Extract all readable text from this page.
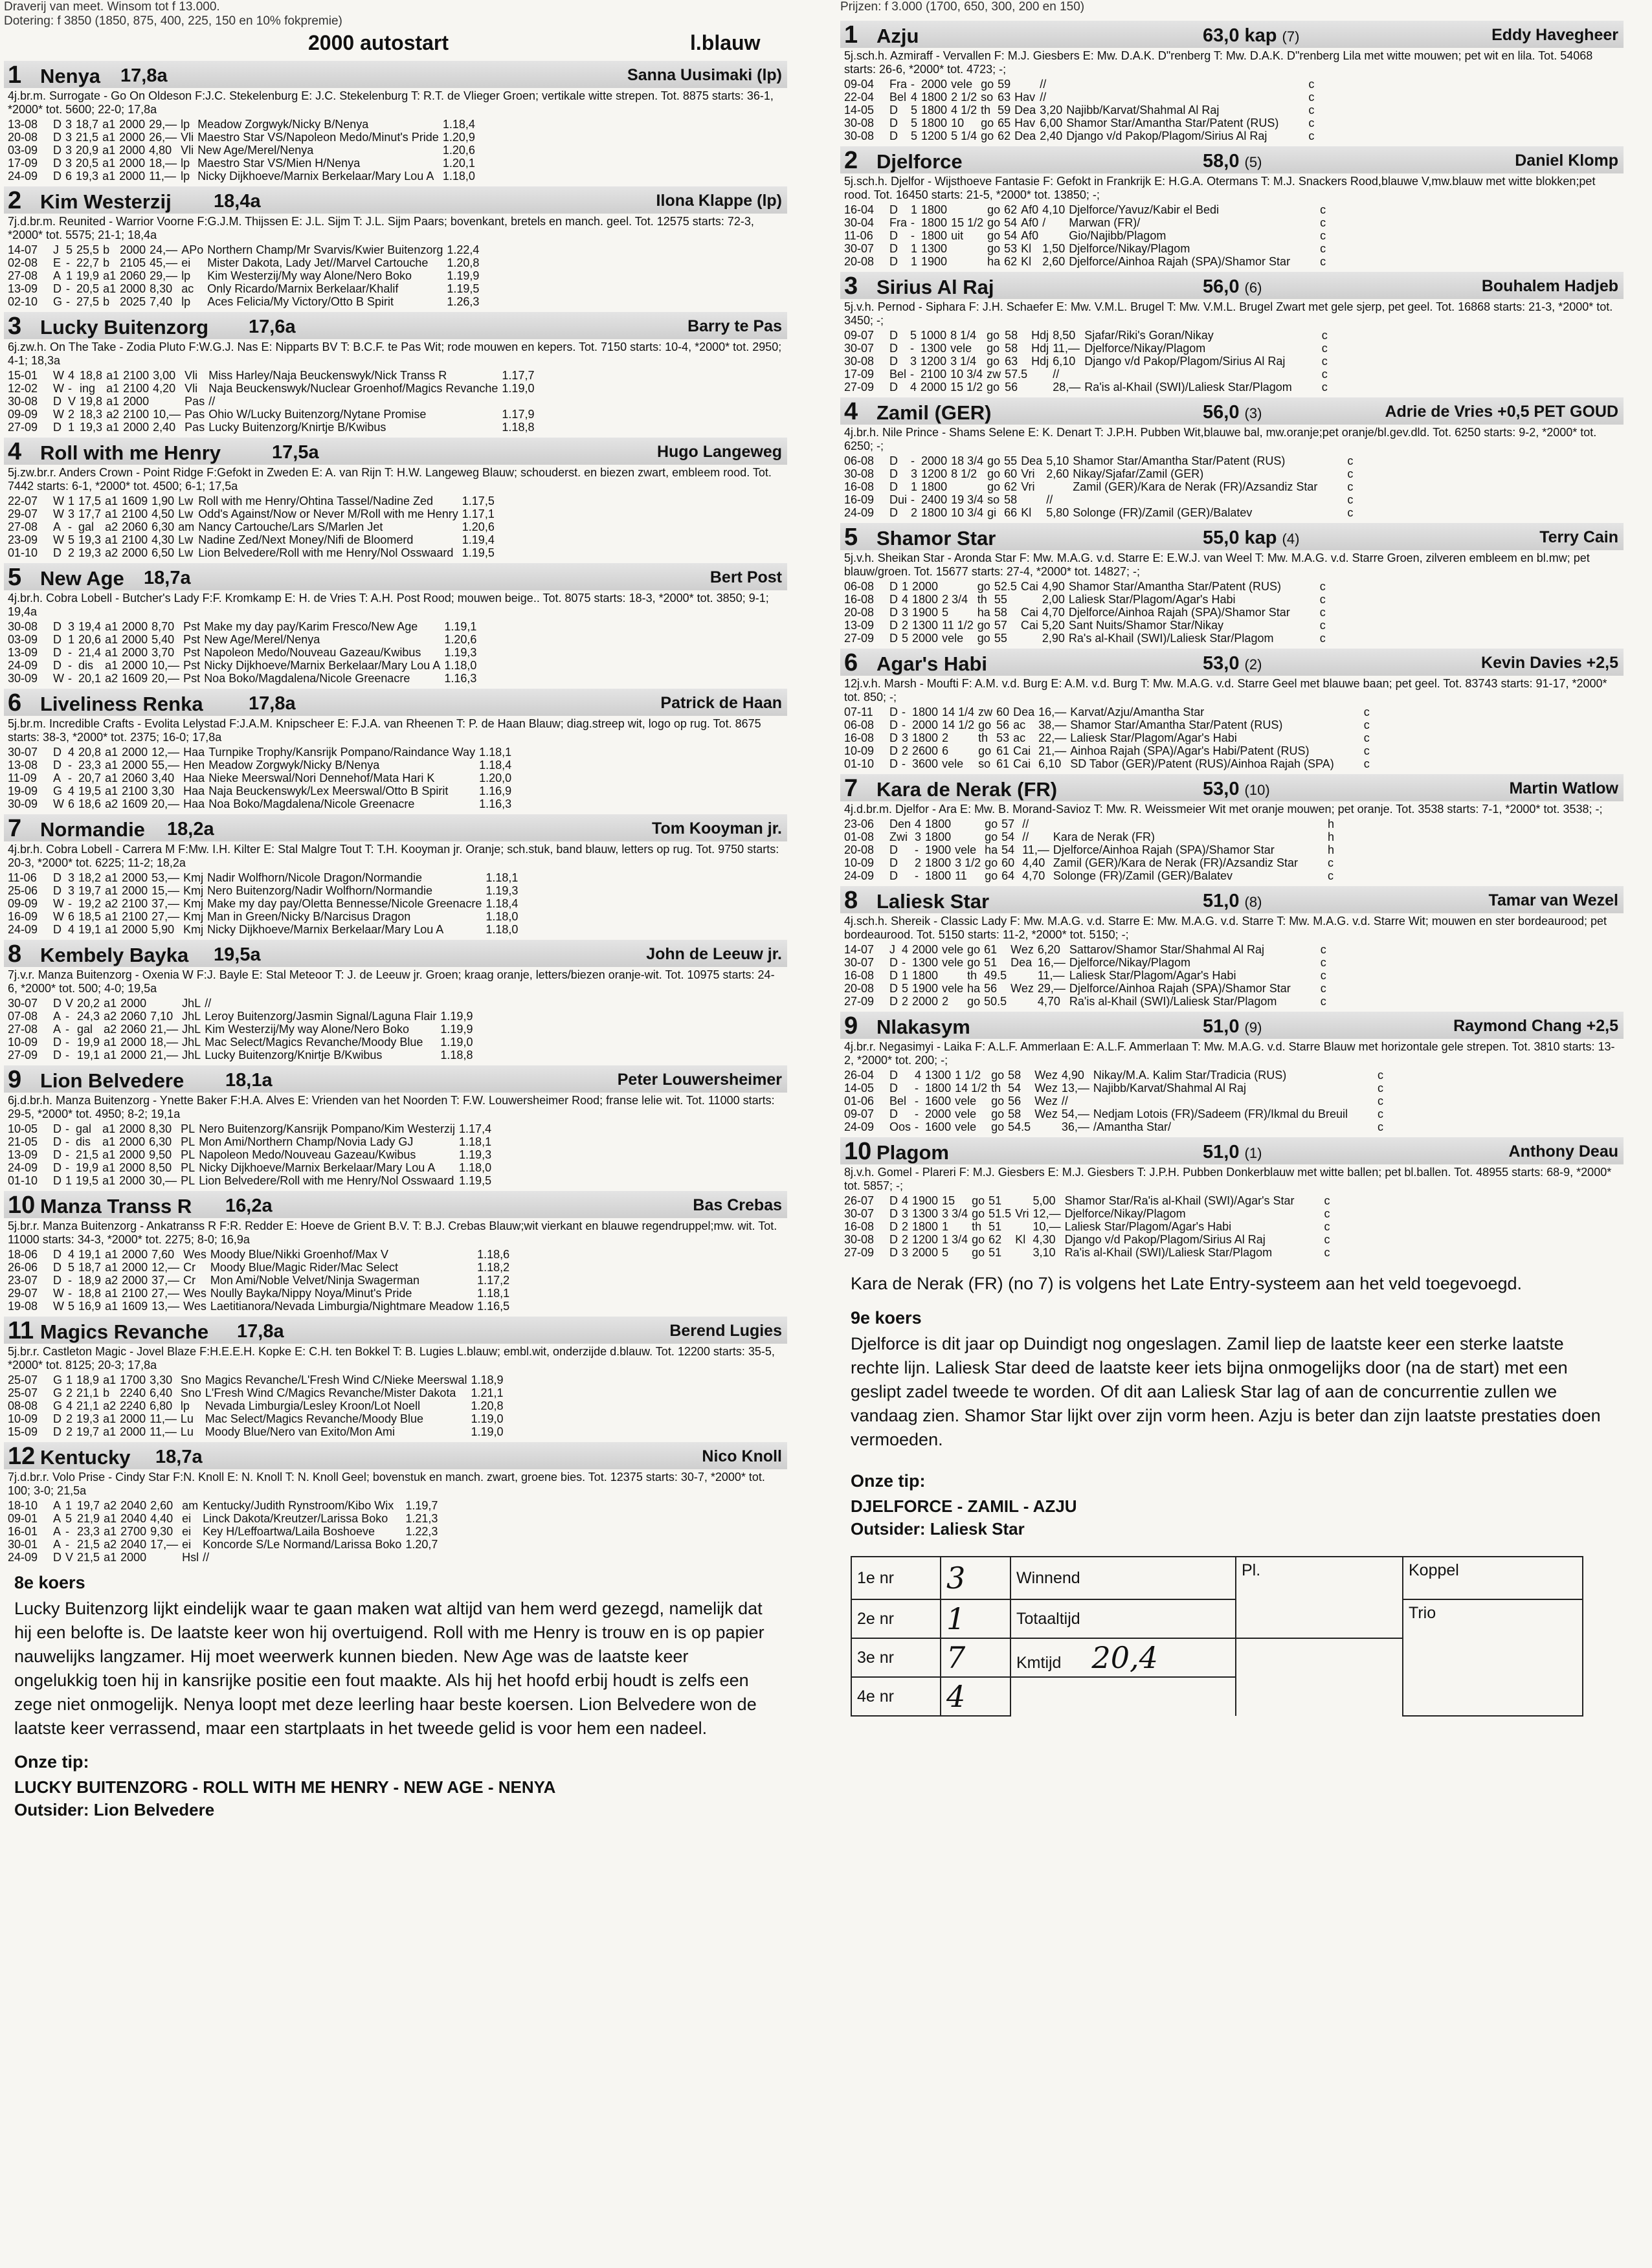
Draverij van meet. Winsom tot f 13.000.
Dotering: f 3850 (1850, 875, 400, 225, 150 en 10% fokpremie)
2000 autostart	l.blauw
1 Nenya 17,8a	Sanna Uusimaki (lp)
4j.br.m. Surrogate - Go On Oldeson F:J.C. Stekelenburg E: J.C. Stekelenburg T: R.T. de Vlieger Groen; vertikale witte strepen. Tot. 8875 starts: 36-1, *2000* tot. 5600; 22-0; 17,8a
13-08	D	3	18,7	a1	2000	29,—	lp	Meadow Zorgwyk/Nicky B/Nenya	1.18,4	
20-08	D	3	21,5	a1	2000	26,—	Vli	Maestro Star VS/Napoleon Medo/Minut's Pride	1.20,9	
03-09	D	3	20,9	a1	2000	4,80	Vli	New Age/Merel/Nenya	1.20,6	
17-09	D	3	20,5	a1	2000	18,—	lp	Maestro Star VS/Mien H/Nenya	1.20,1	
24-09	D	6	19,3	a1	2000	11,—	lp	Nicky Dijkhoeve/Marnix Berkelaar/Mary Lou A	1.18,0	
2 Kim Westerzij 18,4a	Ilona Klappe (lp)
7j.d.br.m. Reunited - Warrior Voorne F:G.J.M. Thijssen E: J.L. Sijm T: J.L. Sijm Paars; bovenkant, bretels en manch. geel. Tot. 12575 starts: 72-3, *2000* tot. 5575; 21-1; 18,4a
14-07	J	5	25,5	b	2000	24,—	APo	Northern Champ/Mr Svarvis/Kwier Buitenzorg	1.22,4	
02-08	E	-	22,7	b	2105	45,—	ei	Mister Dakota, Lady Jet//Marvel Cartouche	1.20,8	
27-08	A	1	19,9	a1	2060	29,—	lp	Kim Westerzij/My way Alone/Nero Boko	1.19,9	
13-09	D	-	20,5	a1	2000	8,30	ac	Only Ricardo/Marnix Berkelaar/Khalif	1.19,5	
02-10	G	-	27,5	b	2025	7,40	lp	Aces Felicia/My Victory/Otto B Spirit	1.26,3	
3 Lucky Buitenzorg 17,6a	Barry te Pas
6j.zw.h. On The Take - Zodia Pluto F:W.G.J. Nas E: Nipparts BV T: B.C.F. te Pas Wit; rode mouwen en kepers. Tot. 7150 starts: 10-4, *2000* tot. 2950; 4-1; 18,3a
15-01	W	4	18,8	a1	2100	3,00	Vli	Miss Harley/Naja Beuckenswyk/Nick Transs R	1.17,7	
12-02	W	-	ing	a1	2100	4,20	Vli	Naja Beuckenswyk/Nuclear Groenhof/Magics Revanche	1.19,0	
30-08	D	V	19,8	a1	2000		Pas	//		
09-09	W	2	18,3	a2	2100	10,—	Pas	Ohio W/Lucky Buitenzorg/Nytane Promise	1.17,9	
27-09	D	1	19,3	a1	2000	2,40	Pas	Lucky Buitenzorg/Knirtje B/Kwibus	1.18,8	
4 Roll with me Henry	17,5a	Hugo Langeweg
5j.zw.br.r. Anders Crown - Point Ridge F:Gefokt in Zweden E: A. van Rijn T: H.W. Langeweg Blauw; schouderst. en biezen zwart, embleem rood. Tot. 7442 starts: 6-1, *2000* tot. 4500; 6-1; 17,5a
22-07	W	1	17,5	a1	1609	1,90	Lw	Roll with me Henry/Ohtina Tassel/Nadine Zed	1.17,5	
29-07	W	3	17,7	a1	2100	4,50	Lw	Odd's Against/Now or Never M/Roll with me Henry	1.17,1	
27-08	A	-	gal	a2	2060	6,30	am	Nancy Cartouche/Lars S/Marlen Jet	1.20,6	
23-09	W	5	19,3	a1	2100	4,30	Lw	Nadine Zed/Next Money/Nifi de Bloomerd	1.19,4	
01-10	D	2	19,3	a2	2000	6,50	Lw	Lion Belvedere/Roll with me Henry/Nol Osswaard	1.19,5	
5 New Age 18,7a	Bert Post
4j.br.h. Cobra Lobell - Butcher's Lady F:F. Kromkamp E: H. de Vries T: A.H. Post Rood; mouwen beige.. Tot. 8075 starts: 18-3, *2000* tot. 3850; 9-1; 19,4a
30-08	D	3	19,4	a1	2000	8,70	Pst	Make my day pay/Karim Fresco/New Age	1.19,1	
03-09	D	1	20,6	a1	2000	5,40	Pst	New Age/Merel/Nenya	1.20,6	
13-09	D	-	21,4	a1	2000	3,70	Pst	Napoleon Medo/Nouveau Gazeau/Kwibus	1.19,3	
24-09	D	-	dis	a1	2000	10,—	Pst	Nicky Dijkhoeve/Marnix Berkelaar/Mary Lou A	1.18,0	
30-09	W	-	20,1	a2	1609	20,—	Pst	Noa Boko/Magdalena/Nicole Greenacre	1.16,3	
6 Liveliness Renka 17,8a	Patrick de Haan
5j.br.m. Incredible Crafts - Evolita Lelystad F:J.A.M. Knipscheer E: F.J.A. van Rheenen T: P. de Haan Blauw; diag.streep wit, logo op rug. Tot. 8675 starts: 38-3, *2000* tot. 2375; 16-0; 17,8a
30-07	D	4	20,8	a1	2000	12,—	Haa	Turnpike Trophy/Kansrijk Pompano/Raindance Way	1.18,1	
13-08	D	-	23,3	a1	2000	55,—	Hen	Meadow Zorgwyk/Nicky B/Nenya	1.18,4	
11-09	A	-	20,7	a1	2060	3,40	Haa	Nieke Meerswal/Nori Dennehof/Mata Hari K	1.20,0	
19-09	G	4	19,5	a1	2100	3,30	Haa	Naja Beuckenswyk/Lex Meerswal/Otto B Spirit	1.16,9	
30-09	W	6	18,6	a2	1609	20,—	Haa	Noa Boko/Magdalena/Nicole Greenacre	1.16,3	
7 Normandie 18,2a	Tom Kooyman jr.
4j.br.h. Cobra Lobell - Carrera M F:Mw. I.H. Kilter E: Stal Malgre Tout T: T.H. Kooyman jr. Oranje; sch.stuk, band blauw, letters op rug. Tot. 9750 starts: 20-3, *2000* tot. 6225; 11-2; 18,2a
11-06	D	3	18,2	a1	2000	53,—	Kmj	Nadir Wolfhorn/Nicole Dragon/Normandie	1.18,1	
25-06	D	3	19,7	a1	2000	15,—	Kmj	Nero Buitenzorg/Nadir Wolfhorn/Normandie	1.19,3	
09-09	W	-	19,2	a2	2100	37,—	Kmj	Make my day pay/Oletta Bennesse/Nicole Greenacre	1.18,4	
16-09	W	6	18,5	a1	2100	27,—	Kmj	Man in Green/Nicky B/Narcisus Dragon	1.18,0	
24-09	D	4	19,1	a1	2000	5,90	Kmj	Nicky Dijkhoeve/Marnix Berkelaar/Mary Lou A	1.18,0	
8 Kembely Bayka 19,5a	John de Leeuw jr.
7j.v.r. Manza Buitenzorg - Oxenia W F:J. Bayle E: Stal Meteoor T: J. de Leeuw jr. Groen; kraag oranje, letters/biezen oranje-wit. Tot. 10975 starts: 24-6, *2000* tot. 500; 4-0; 19,5a
30-07	D	V	20,2	a1	2000		JhL	//		
07-08	A	-	24,3	a2	2060	7,10	JhL	Leroy Buitenzorg/Jasmin Signal/Laguna Flair	1.19,9	
27-08	A	-	gal	a2	2060	21,—	JhL	Kim Westerzij/My way Alone/Nero Boko	1.19,9	
10-09	D	-	19,9	a1	2000	18,—	JhL	Mac Select/Magics Revanche/Moody Blue	1.19,0	
27-09	D	-	19,1	a1	2000	21,—	JhL	Lucky Buitenzorg/Knirtje B/Kwibus	1.18,8	
9 Lion Belvedere 18,1a	Peter Louwersheimer
6j.d.br.h. Manza Buitenzorg - Ynette Baker F:H.A. Alves E: Vrienden van het Noorden T: F.W. Louwersheimer Rood; franse lelie wit. Tot. 11000 starts: 29-5, *2000* tot. 4950; 8-2; 19,1a
10-05	D	-	gal	a1	2000	8,30	PL	Nero Buitenzorg/Kansrijk Pompano/Kim Westerzij	1.17,4	
21-05	D	-	dis	a1	2000	6,30	PL	Mon Ami/Northern Champ/Novia Lady GJ	1.18,1	
13-09	D	-	21,5	a1	2000	9,50	PL	Napoleon Medo/Nouveau Gazeau/Kwibus	1.19,3	
24-09	D	-	19,9	a1	2000	8,50	PL	Nicky Dijkhoeve/Marnix Berkelaar/Mary Lou A	1.18,0	
01-10	D	1	19,5	a1	2000	30,—	PL	Lion Belvedere/Roll with me Henry/Nol Osswaard	1.19,5	
10 Manza Transs R 16,2a	Bas Crebas
5j.br.r. Manza Buitenzorg - Ankatranss R F:R. Redder E: Hoeve de Grient B.V. T: B.J. Crebas Blauw;wit vierkant en blauwe regendruppel;mw. wit. Tot. 11000 starts: 34-3, *2000* tot. 2275; 8-0; 16,9a
18-06	D	4	19,1	a1	2000	7,60	Wes	Moody Blue/Nikki Groenhof/Max V	1.18,6	
26-06	D	5	18,7	a1	2000	12,—	Cr	Moody Blue/Magic Rider/Mac Select	1.18,2	
23-07	D	-	18,9	a2	2000	37,—	Cr	Mon Ami/Noble Velvet/Ninja Swagerman	1.17,2	
29-07	W	-	18,8	a1	2100	27,—	Wes	Noully Bayka/Nippy Noya/Minut's Pride	1.18,1	
19-08	W	5	16,9	a1	1609	13,—	Wes	Laetitianora/Nevada Limburgia/Nightmare Meadow	1.16,5	
11 Magics Revanche 17,8a	Berend Lugies
5j.br.r. Castleton Magic - Jovel Blaze F:H.E.E.H. Kopke E: C.H. ten Bokkel T: B. Lugies L.blauw; embl.wit, onderzijde d.blauw. Tot. 12200 starts: 35-5, *2000* tot. 8125; 20-3; 17,8a
25-07	G	1	18,9	a1	1700	3,30	Sno	Magics Revanche/L'Fresh Wind C/Nieke Meerswal	1.18,9	
25-07	G	2	21,1	b	2240	6,40	Sno	L'Fresh Wind C/Magics Revanche/Mister Dakota	1.21,1	
08-08	G	4	21,1	a2	2240	6,80	lp	Nevada Limburgia/Lesley Kroon/Lot Noell	1.20,8	
10-09	D	2	19,3	a1	2000	11,—	Lu	Mac Select/Magics Revanche/Moody Blue	1.19,0	
15-09	D	2	19,7	a1	2000	11,—	Lu	Moody Blue/Nero van Exito/Mon Ami	1.19,0	
12 Kentucky 18,7a	Nico Knoll
7j.d.br.r. Volo Prise - Cindy Star F:N. Knoll E: N. Knoll T: N. Knoll Geel; bovenstuk en manch. zwart, groene bies. Tot. 12375 starts: 30-7, *2000* tot. 100; 3-0; 21,5a
18-10	A	1	19,7	a2	2040	2,60	am	Kentucky/Judith Rynstroom/Kibo Wix	1.19,7	
09-01	A	5	21,9	a1	2040	4,40	ei	Linck Dakota/Kreutzer/Larissa Boko	1.21,3	
16-01	A	-	23,3	a1	2700	9,30	ei	Key H/Leffoartwa/Laila Boshoeve	1.22,3	
30-01	A	-	21,5	a2	2040	17,—	ei	Koncorde S/Le Normand/Larissa Boko	1.20,7	
24-09	D	V	21,5	a1	2000		Hsl	//		
8e koers
Lucky Buitenzorg lijkt eindelijk waar te gaan maken wat altijd van hem werd gezegd, namelijk dat hij een belofte is. De laatste keer won hij overtuigend. Roll with me Henry is trouw en is op papier nauwelijks langzamer. Hij moet weerwerk kunnen bieden. New Age was de laatste keer ongelukkig toen hij in kansrijke positie een fout maakte. Als hij het hoofd erbij houdt is zelfs een zege niet onmogelijk. Nenya loopt met deze leerling haar beste koersen. Lion Belvedere won de laatste keer verrassend, maar een startplaats in het tweede gelid is voor hem een nadeel.
Onze tip:
LUCKY BUITENZORG - ROLL WITH ME HENRY - NEW AGE - NENYA
Outsider: Lion Belvedere
Prijzen: f 3.000 (1700, 650, 300, 200 en 150)
1 Azju	63,0 kap (7)	Eddy Havegheer
5j.sch.h. Azmiraff - Vervallen F: M.J. Giesbers E: Mw. D.A.K. D"renberg T: Mw. D.A.K. D"renberg Lila met witte mouwen; pet wit en lila. Tot. 54068 starts: 26-6, *2000* tot. 4723; -;
09-04	Fra	-	2000	vele	go	59		//		c
22-04	Bel	4	1800	2 1/2	so	63	Hav	//		c
14-05	D	5	1800	4 1/2	th	59	Dea	3,20	Najibb/Karvat/Shahmal Al Raj	c
30-08	D	5	1800	10	go	65	Hav	6,00	Shamor Star/Amantha Star/Patent (RUS)	c
30-08	D	5	1200	5 1/4	go	62	Dea	2,40	Django v/d Pakop/Plagom/Sirius Al Raj	c
2 Djelforce	58,0 (5)	Daniel Klomp
5j.sch.h. Djelfor - Wijsthoeve Fantasie F: Gefokt in Frankrijk E: H.G.A. Otermans T: M.J. Snackers Rood,blauwe V,mw.blauw met witte blokken;pet rood. Tot. 16450 starts: 21-5, *2000* tot. 13850; -;
16-04	D	1	1800		go	62	Af0	4,10	Djelforce/Yavuz/Kabir el Bedi	c
30-04	Fra	-	1800	15 1/2	go	54	Af0	/	Marwan (FR)/	c
11-06	D	-	1800	uit	go	54	Af0		Gio/Najibb/Plagom	c
30-07	D	1	1300		go	53	Kl	1,50	Djelforce/Nikay/Plagom	c
20-08	D	1	1900		ha	62	Kl	2,60	Djelforce/Ainhoa Rajah (SPA)/Shamor Star	c
3 Sirius Al Raj	56,0 (6)	Bouhalem Hadjeb
5j.v.h. Pernod - Siphara F: J.H. Schaefer E: Mw. V.M.L. Brugel T: Mw. V.M.L. Brugel Zwart met gele sjerp, pet geel. Tot. 16868 starts: 21-3, *2000* tot. 3450; -;
09-07	D	5	1000	8 1/4	go	58	Hdj	8,50	Sjafar/Riki's Goran/Nikay	c
30-07	D	-	1300	vele	go	58	Hdj	11,—	Djelforce/Nikay/Plagom	c
30-08	D	3	1200	3 1/4	go	63	Hdj	6,10	Django v/d Pakop/Plagom/Sirius Al Raj	c
17-09	Bel	-	2100	10 3/4	zw	57.5		//		c
27-09	D	4	2000	15 1/2	go	56		28,—	Ra'is al-Khail (SWI)/Laliesk Star/Plagom	c
4 Zamil (GER)	56,0 (3)	Adrie de Vries +0,5 PET GOUD
4j.br.h. Nile Prince - Shams Selene E: K. Denart T: J.P.H. Pubben Wit,blauwe bal, mw.oranje;pet oranje/bl.gev.dld. Tot. 6250 starts: 9-2, *2000* tot. 6250; -;
06-08	D	-	2000	18 3/4	go	55	Dea	5,10	Shamor Star/Amantha Star/Patent (RUS)	c
30-08	D	3	1200	8 1/2	go	60	Vri	2,60	Nikay/Sjafar/Zamil (GER)	c
16-08	D	1	1800		go	62	Vri		Zamil (GER)/Kara de Nerak (FR)/Azsandiz Star	c
16-09	Dui	-	2400	19 3/4	so	58		//		c
24-09	D	2	1800	10 3/4	gi	66	Kl	5,80	Solonge (FR)/Zamil (GER)/Balatev	c
5 Shamor Star	55,0 kap (4)	Terry Cain
5j.v.h. Sheikan Star - Aronda Star F: Mw. M.A.G. v.d. Starre E: E.W.J. van Weel T: Mw. M.A.G. v.d. Starre Groen, zilveren embleem en bl.mw; pet blauw/groen. Tot. 15677 starts: 27-4, *2000* tot. 14827; -;
06-08	D	1	2000		go	52.5	Cai	4,90	Shamor Star/Amantha Star/Patent (RUS)	c
16-08	D	4	1800	2 3/4	th	55		2,00	Laliesk Star/Plagom/Agar's Habi	c
20-08	D	3	1900	5	ha	58	Cai	4,70	Djelforce/Ainhoa Rajah (SPA)/Shamor Star	c
13-09	D	2	1300	11 1/2	go	57	Cai	5,20	Sant Nuits/Shamor Star/Nikay	c
27-09	D	5	2000	vele	go	55		2,90	Ra's al-Khail (SWI)/Laliesk Star/Plagom	c
6 Agar's Habi	53,0 (2)	Kevin Davies +2,5
12j.v.h. Marsh - Moufti F: A.M. v.d. Burg E: A.M. v.d. Burg T: Mw. M.A.G. v.d. Starre Geel met blauwe baan; pet geel. Tot. 83743 starts: 91-17, *2000* tot. 850; -;
07-11	D	-	1800	14 1/4	zw	60	Dea	16,—	Karvat/Azju/Amantha Star	c
06-08	D	-	2000	14 1/2	go	56	ac	38,—	Shamor Star/Amantha Star/Patent (RUS)	c
16-08	D	3	1800	2	th	53	ac	22,—	Laliesk Star/Plagom/Agar's Habi	c
10-09	D	2	2600	6	go	61	Cai	21,—	Ainhoa Rajah (SPA)/Agar's Habi/Patent (RUS)	c
01-10	D	-	3600	vele	so	61	Cai	6,10	SD Tabor (GER)/Patent (RUS)/Ainhoa Rajah (SPA)	c
7 Kara de Nerak (FR)	53,0 (10)	Martin Watlow
4j.d.br.m. Djelfor - Ara E: Mw. B. Morand-Savioz T: Mw. R. Weissmeier Wit met oranje mouwen; pet oranje. Tot. 3538 starts: 7-1, *2000* tot. 3538; -;
23-06	Den	4	1800		go	57		//		h
01-08	Zwi	3	1800		go	54		//	Kara de Nerak (FR)	h
20-08	D	-	1900	vele	ha	54		11,—	Djelforce/Ainhoa Rajah (SPA)/Shamor Star	h
10-09	D	2	1800	3 1/2	go	60		4,40	Zamil (GER)/Kara de Nerak (FR)/Azsandiz Star	c
24-09	D	-	1800	11	go	64		4,70	Solonge (FR)/Zamil (GER)/Balatev	c
8 Laliesk Star	51,0 (8)	Tamar van Wezel
4j.sch.h. Shereik - Classic Lady F: Mw. M.A.G. v.d. Starre E: Mw. M.A.G. v.d. Starre T: Mw. M.A.G. v.d. Starre Wit; mouwen en ster bordeaurood; pet bordeaurood. Tot. 5150 starts: 11-2, *2000* tot. 5150; -;
14-07	J	4	2000	vele	go	61	Wez	6,20	Sattarov/Shamor Star/Shahmal Al Raj	c
30-07	D	-	1300	vele	go	51	Dea	16,—	Djelforce/Nikay/Plagom	c
16-08	D	1	1800		th	49.5		11,—	Laliesk Star/Plagom/Agar's Habi	c
20-08	D	5	1900	vele	ha	56	Wez	29,—	Djelforce/Ainhoa Rajah (SPA)/Shamor Star	c
27-09	D	2	2000	2	go	50.5		4,70	Ra'is al-Khail (SWI)/Laliesk Star/Plagom	c
9 Nlakasym	51,0 (9)	Raymond Chang +2,5
4j.br.r. Negasimyi - Laika F: A.L.F. Ammerlaan E: A.L.F. Ammerlaan T: Mw. M.A.G. v.d. Starre Blauw met horizontale gele strepen. Tot. 3810 starts: 13-2, *2000* tot. 200; -;
26-04	D	4	1300	1 1/2	go	58	Wez	4,90	Nikay/M.A. Kalim Star/Tradicia (RUS)	c
14-05	D	-	1800	14 1/2	th	54	Wez	13,—	Najibb/Karvat/Shahmal Al Raj	c
01-06	Bel	-	1600	vele	go	56	Wez	//		c
09-07	D	-	2000	vele	go	58	Wez	54,—	Nedjam Lotois (FR)/Sadeem (FR)/Ikmal du Breuil	c
24-09	Oos	-	1600	vele	go	54.5		36,—	/Amantha Star/	c
10 Plagom	51,0 (1)	Anthony Deau
8j.v.h. Gomel - Plareri F: M.J. Giesbers E: M.J. Giesbers T: J.P.H. Pubben Donkerblauw met witte ballen; pet bl.ballen. Tot. 48955 starts: 68-9, *2000* tot. 5857; -;
26-07	D	4	1900	15	go	51		5,00	Shamor Star/Ra'is al-Khail (SWI)/Agar's Star	c
30-07	D	3	1300	3 3/4	go	51.5	Vri	12,—	Djelforce/Nikay/Plagom	c
16-08	D	2	1800	1	th	51		10,—	Laliesk Star/Plagom/Agar's Habi	c
30-08	D	2	1200	1 3/4	go	62	Kl	4,30	Django v/d Pakop/Plagom/Sirius Al Raj	c
27-09	D	3	2000	5	go	51		3,10	Ra'is al-Khail (SWI)/Laliesk Star/Plagom	c
Kara de Nerak (FR) (no 7) is volgens het Late Entry-systeem aan het veld toegevoegd.
9e koers
Djelforce is dit jaar op Duindigt nog ongeslagen. Zamil liep de laatste keer een sterke laatste rechte lijn. Laliesk Star deed de laatste keer iets bijna onmogelijks door (na de start) met een geslipt zadel tweede te worden. Of dit aan Laliesk Star lag of aan de concurrentie zullen we vandaag zien. Shamor Star lijkt over zijn vorm heen. Azju is beter dan zijn laatste prestaties doen vermoeden.
Onze tip:
DJELFORCE - ZAMIL - AZJU
Outsider: Laliesk Star
1e nr	3	Winnend	Pl.	Koppel
2e nr	1	Totaaltijd		Trio
3e nr	7	Kmtijd 20,4		
4e nr	4			
